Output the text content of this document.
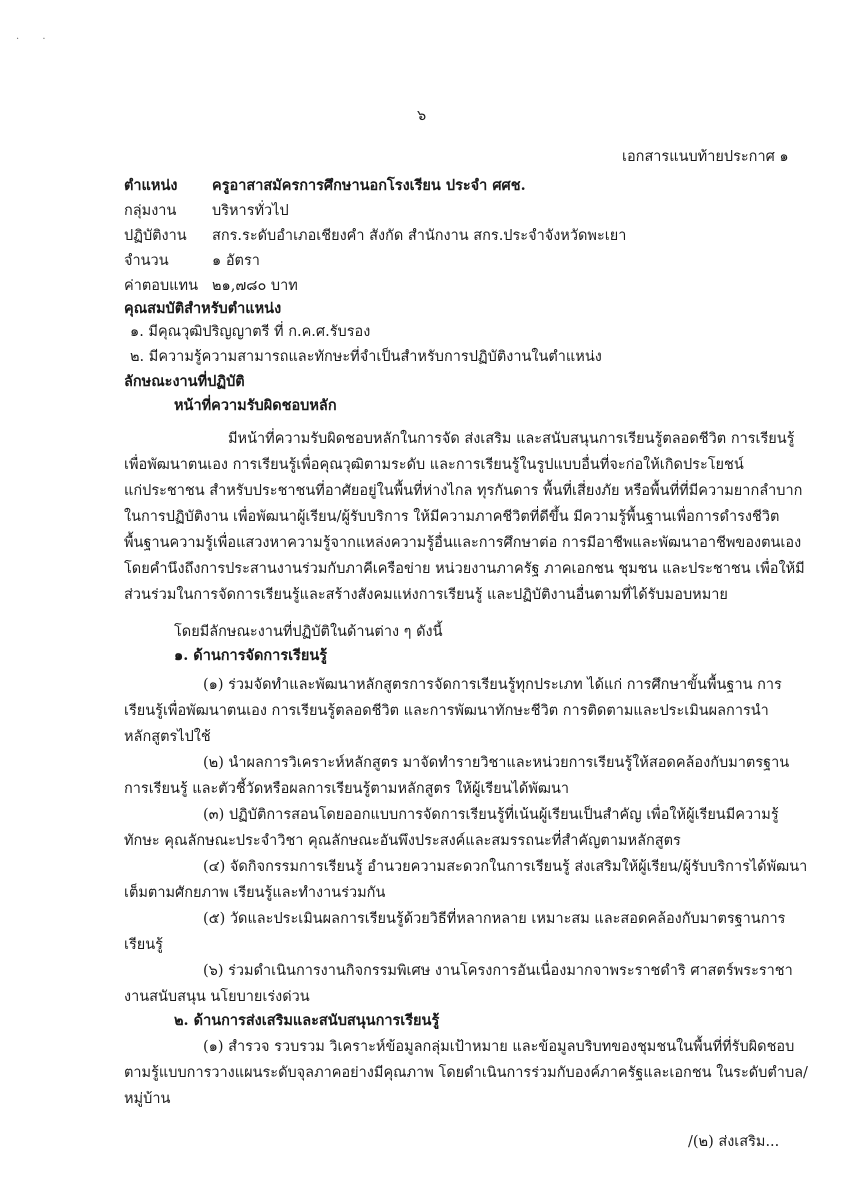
· ·
๖
เอกสารแนบท้ายประกาศ ๑
ตำแหน่ง ครูอาสาสมัครการศึกษานอกโรงเรียน ประจำ ศศช.
กลุ่มงาน บริหารทั่วไป
ปฏิบัติงาน สกร.ระดับอำเภอเชียงคำ สังกัด สำนักงาน สกร.ประจำจังหวัดพะเยา
จำนวน	๑ อัตรา
ค่าตอบแทน ๒๑,๗๘๐ บาท
คุณสมบัติสำหรับตำแหน่ง
๑. มีคุณวุฒิปริญญาตรี ที่ ก.ค.ศ.รับรอง
๒. มีความรู้ความสามารถและทักษะที่จำเป็นสำหรับการปฏิบัติงานในตำแหน่ง
ลักษณะงานที่ปฏิบัติ
หน้าที่ความรับผิดชอบหลัก
มีหน้าที่ความรับผิดชอบหลักในการจัด ส่งเสริม และสนับสนุนการเรียนรู้ตลอดชีวิต การเรียนรู้
เพื่อพัฒนาตนเอง การเรียนรู้เพื่อคุณวุฒิตามระดับ และการเรียนรู้ในรูปแบบอื่นที่จะก่อให้เกิดประโยชน์
แก่ประชาชน สำหรับประชาชนที่อาศัยอยู่ในพื้นที่ห่างไกล ทุรกันดาร พื้นที่เสี่ยงภัย หรือพื้นที่ที่มีความยากลำบาก
ในการปฏิบัติงาน เพื่อพัฒนาผู้เรียน/ผู้รับบริการ ให้มีความภาคชีวิตที่ดีขึ้น มีความรู้พื้นฐานเพื่อการดำรงชีวิต
พื้นฐานความรู้เพื่อแสวงหาความรู้จากแหล่งความรู้อื่นและการศึกษาต่อ การมีอาชีพและพัฒนาอาชีพของตนเอง
โดยคำนึงถึงการประสานงานร่วมกับภาคีเครือข่าย หน่วยงานภาครัฐ ภาคเอกชน ชุมชน และประชาชน เพื่อให้มี
ส่วนร่วมในการจัดการเรียนรู้และสร้างสังคมแห่งการเรียนรู้ และปฏิบัติงานอื่นตามที่ได้รับมอบหมาย
โดยมีลักษณะงานที่ปฏิบัติในด้านต่าง ๆ ดังนี้
๑. ด้านการจัดการเรียนรู้
(๑) ร่วมจัดทำและพัฒนาหลักสูตรการจัดการเรียนรู้ทุกประเภท ได้แก่ การศึกษาขั้นพื้นฐาน การ
เรียนรู้เพื่อพัฒนาตนเอง การเรียนรู้ตลอดชีวิต และการพัฒนาทักษะชีวิต การติดตามและประเมินผลการนำ
หลักสูตรไปใช้
(๒) นำผลการวิเคราะห์หลักสูตร มาจัดทำรายวิชาและหน่วยการเรียนรู้ให้สอดคล้องกับมาตรฐาน
การเรียนรู้ และตัวชี้วัดหรือผลการเรียนรู้ตามหลักสูตร ให้ผู้เรียนได้พัฒนา
(๓) ปฏิบัติการสอนโดยออกแบบการจัดการเรียนรู้ที่เน้นผู้เรียนเป็นสำคัญ เพื่อให้ผู้เรียนมีความรู้
ทักษะ คุณลักษณะประจำวิชา คุณลักษณะอันพึงประสงค์และสมรรถนะที่สำคัญตามหลักสูตร
(๔) จัดกิจกรรมการเรียนรู้ อำนวยความสะดวกในการเรียนรู้ ส่งเสริมให้ผู้เรียน/ผู้รับบริการได้พัฒนา
เต็มตามศักยภาพ เรียนรู้และทำงานร่วมกัน
(๕) วัดและประเมินผลการเรียนรู้ด้วยวิธีที่หลากหลาย เหมาะสม และสอดคล้องกับมาตรฐานการ
เรียนรู้
(๖) ร่วมดำเนินการงานกิจกรรมพิเศษ งานโครงการอันเนื่องมากจาพระราชดำริ ศาสตร์พระราชา
งานสนับสนุน นโยบายเร่งด่วน
๒. ด้านการส่งเสริมและสนับสนุนการเรียนรู้
(๑) สำรวจ รวบรวม วิเคราะห์ข้อมูลกลุ่มเป้าหมาย และข้อมูลบริบทของชุมชนในพื้นที่ที่รับผิดชอบ
ตามรู้แบบการวางแผนระดับจุลภาคอย่างมีคุณภาพ โดยดำเนินการร่วมกับองค์ภาครัฐและเอกชน ในระดับตำบล/
หมู่บ้าน
/(๒) ส่งเสริม...
